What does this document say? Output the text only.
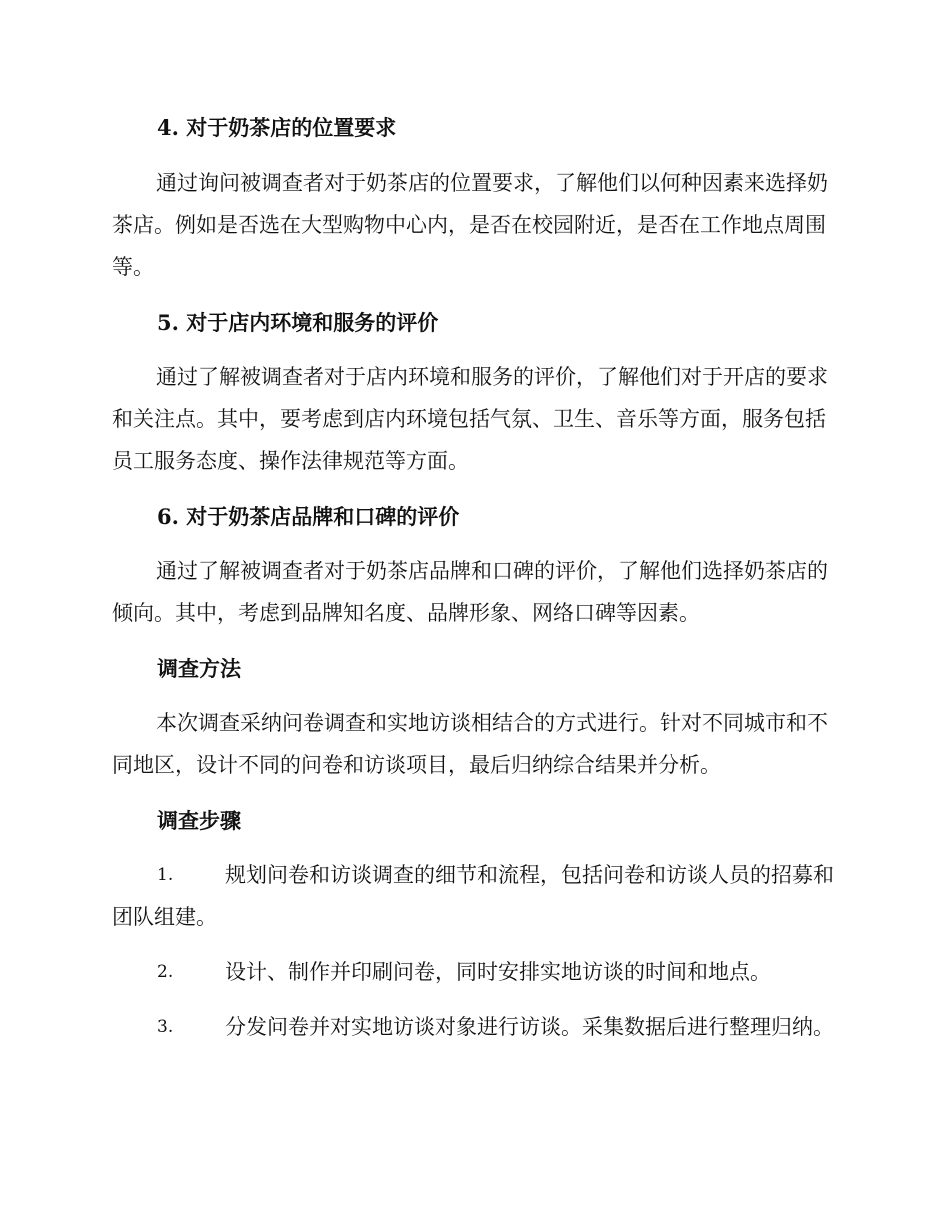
4. 对于奶茶店的位置要求

通过询问被调查者对于奶茶店的位置要求，了解他们以何种因素来选择奶茶店。例如是否选在大型购物中心内，是否在校园附近，是否在工作地点周围等。

5. 对于店内环境和服务的评价

通过了解被调查者对于店内环境和服务的评价，了解他们对于开店的要求和关注点。其中，要考虑到店内环境包括气氛、卫生、音乐等方面，服务包括员工服务态度、操作法律规范等方面。

6. 对于奶茶店品牌和口碑的评价

通过了解被调查者对于奶茶店品牌和口碑的评价，了解他们选择奶茶店的倾向。其中，考虑到品牌知名度、品牌形象、网络口碑等因素。

调查方法

本次调查采纳问卷调查和实地访谈相结合的方式进行。针对不同城市和不同地区，设计不同的问卷和访谈项目，最后归纳综合结果并分析。

调查步骤
1.	规划问卷和访谈调查的细节和流程，包括问卷和访谈人员的招募和团队组建。
2.	设计、制作并印刷问卷，同时安排实地访谈的时间和地点。
3.	分发问卷并对实地访谈对象进行访谈。采集数据后进行整理归纳。
